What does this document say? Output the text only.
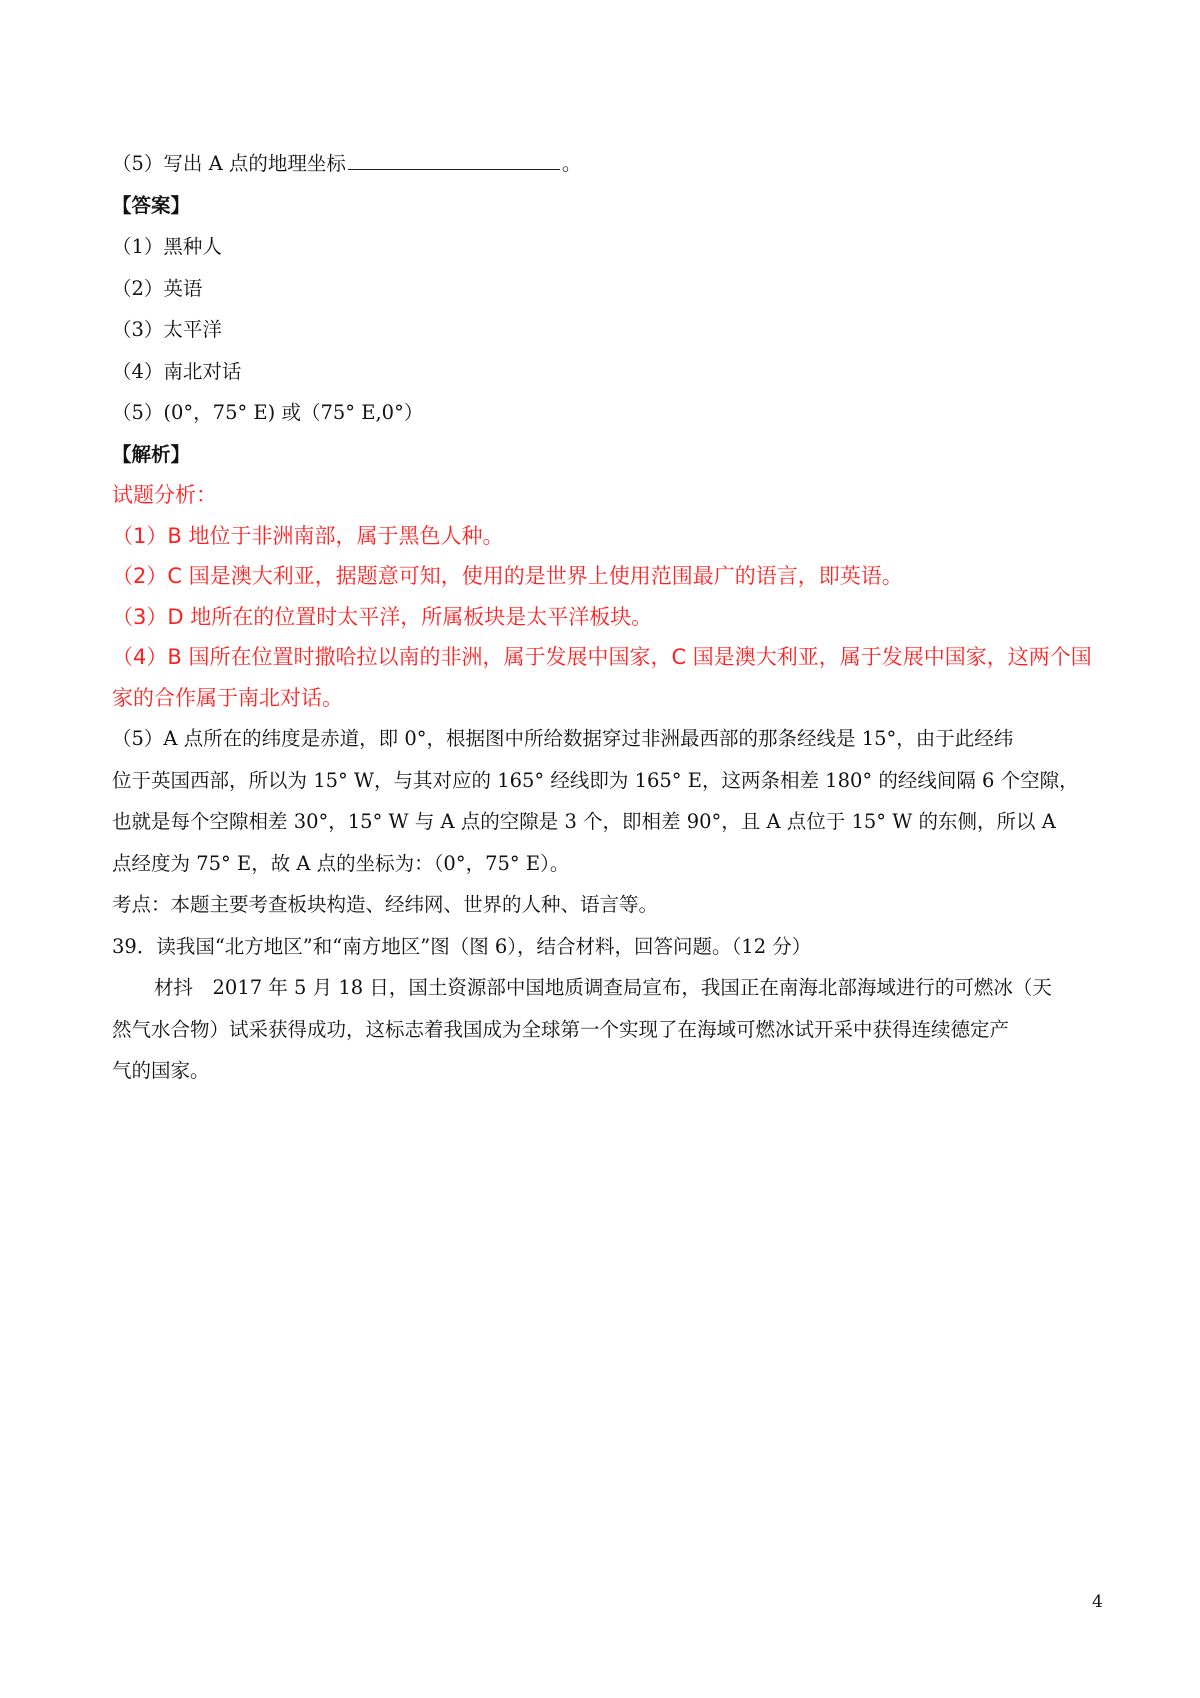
（5）写出 A 点的地理坐标	。
【答案】
（1）黑种人
（2）英语
（3）太平洋
（4）南北对话
（5）(0°，75° E) 或（75° E,0°）
【解析】
试题分析：
（1）B 地位于非洲南部，属于黑色人种。
（2）C 国是澳大利亚，据题意可知，使用的是世界上使用范围最广的语言，即英语。
（3）D 地所在的位置时太平洋，所属板块是太平洋板块。
（4）B 国所在位置时撒哈拉以南的非洲，属于发展中国家，C 国是澳大利亚，属于发展中国家，这两个国
家的合作属于南北对话。
（5）A 点所在的纬度是赤道，即 0°，根据图中所给数据穿过非洲最西部的那条经线是 15°，由于此经纬
位于英国西部，所以为 15° W，与其对应的 165° 经线即为 165° E，这两条相差 180° 的经线间隔 6 个空隙，
也就是每个空隙相差 30°，15° W 与 A 点的空隙是 3 个，即相差 90°，且 A 点位于 15° W 的东侧，所以 A
点经度为 75° E，故 A 点的坐标为：（0°，75° E）。
考点：本题主要考查板块构造、经纬网、世界的人种、语言等。
39．读我国“北方地区”和“南方地区”图（图 6），结合材料，回答问题。（12 分）
材抖　2017 年 5 月 18 日，国土资源部中国地质调查局宣布，我国正在南海北部海域进行的可燃冰（天
然气水合物）试采获得成功，这标志着我国成为全球第一个实现了在海域可燃冰试开采中获得连续德定产
气的国家。
4
